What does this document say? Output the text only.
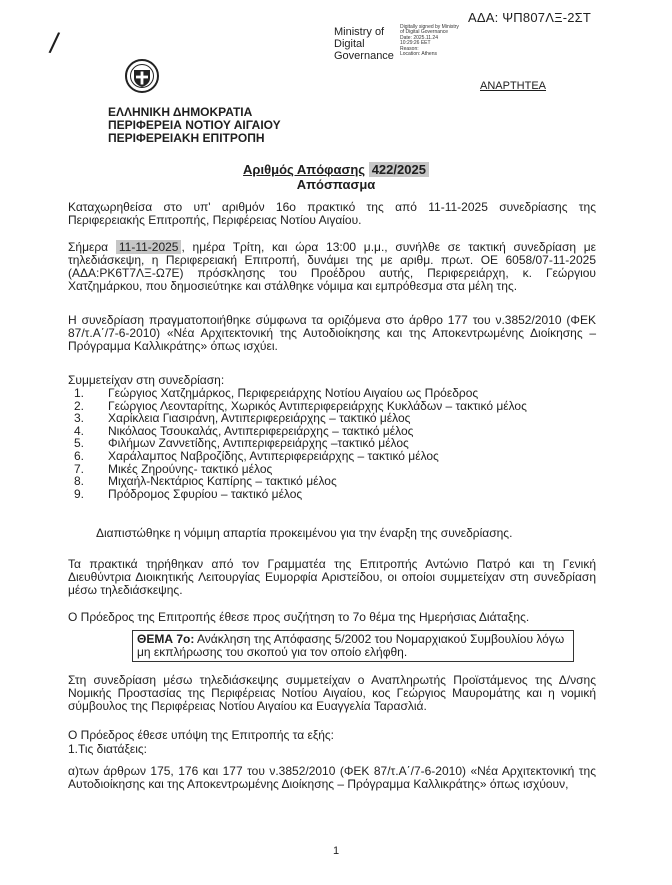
/	Ministry of
Digital
Governance
Digitally signed by Ministry
of Digital Governance
Date: 2025.11.24
10:29:26 EET
Reason:
Location: Athens
ΑΔΑ: ΨΠ807ΛΞ-2ΣΤ
ΑΝΑΡΤΗΤΕΑ
ΕΛΛΗΝΙΚΗ ΔΗΜΟΚΡΑΤΙΑ
ΠΕΡΙΦΕΡΕΙΑ ΝΟΤΙΟΥ ΑΙΓΑΙΟΥ
ΠΕΡΙΦΕΡΕΙΑΚΗ ΕΠΙΤΡΟΠΗ
Αριθμός Απόφασης 422/2025
Απόσπασμα
Καταχωρηθείσα στο υπ' αριθμόν 16ο πρακτικό της από 11-11-2025 συνεδρίασης της Περιφερειακής Επιτροπής, Περιφέρειας Νοτίου Αιγαίου.
Σήμερα 11-11-2025 , ημέρα Τρίτη, και ώρα 13:00 μ.μ., συνήλθε σε τακτική συνεδρίαση με τηλεδιάσκεψη, η Περιφερειακή Επιτροπή, δυνάμει της με αριθμ. πρωτ. ΟΕ 6058/07-11-2025 (ΑΔΑ:ΡΚ6Τ7ΛΞ-Ω7Ε) πρόσκλησης του Προέδρου αυτής, Περιφερειάρχη, κ. Γεώργιου Χατζημάρκου, που δημοσιεύτηκε και στάλθηκε νόμιμα και εμπρόθεσμα στα μέλη της.
Η συνεδρίαση πραγματοποιήθηκε σύμφωνα τα οριζόμενα στο άρθρο 177 του ν.3852/2010 (ΦΕΚ 87/τ.Α΄/7-6-2010) «Νέα Αρχιτεκτονική της Αυτοδιοίκησης και της Αποκεντρωμένης Διοίκησης – Πρόγραμμα Καλλικράτης» όπως ισχύει.
Συμμετείχαν στη συνεδρίαση:
1.	Γεώργιος Χατζημάρκος, Περιφερειάρχης Νοτίου Αιγαίου ως Πρόεδρος
2.	Γεώργιος Λεονταρίτης, Χωρικός Αντιπεριφερειάρχης Κυκλάδων – τακτικό μέλος
3.	Χαρίκλεια Γιασιράνη, Αντιπεριφερειάρχης – τακτικό μέλος
4.	Νικόλαος Τσουκαλάς, Αντιπεριφερειάρχης – τακτικό μέλος
5.	Φιλήμων Ζαννετίδης, Αντιπεριφερειάρχης –τακτικό μέλος
6.	Χαράλαμπος Ναβροζίδης, Αντιπεριφερειάρχης – τακτικό μέλος
7.	Μικές Ζηρούνης- τακτικό μέλος
8.	Μιχαήλ-Νεκτάριος Καπίρης – τακτικό μέλος
9.	Πρόδρομος Σφυρίου – τακτικό μέλος
Διαπιστώθηκε η νόμιμη απαρτία προκειμένου για την έναρξη της συνεδρίασης.
Τα πρακτικά τηρήθηκαν από τον Γραμματέα της Επιτροπής Αντώνιο Πατρό και τη Γενική Διευθύντρια Διοικητικής Λειτουργίας Ευμορφία Αριστείδου, οι οποίοι συμμετείχαν στη συνεδρίαση μέσω τηλεδιάσκεψης.
Ο Πρόεδρος της Επιτροπής έθεσε προς συζήτηση το 7ο θέμα της Ημερήσιας Διάταξης.
ΘΕΜΑ 7ο: Ανάκληση της Απόφασης 5/2002 του Νομαρχιακού Συμβουλίου λόγω μη εκπλήρωσης του σκοπού για τον οποίο ελήφθη.
Στη συνεδρίαση μέσω τηλεδιάσκεψης συμμετείχαν ο Αναπληρωτής Προϊστάμενος της Δ/νσης Νομικής Προστασίας της Περιφέρειας Νοτίου Αιγαίου, κος Γεώργιος Μαυρομάτης και η νομική σύμβουλος της Περιφέρειας Νοτίου Αιγαίου κα Ευαγγελία Ταρασλιά.
Ο Πρόεδρος έθεσε υπόψη της Επιτροπής τα εξής:
1.Τις διατάξεις:
α)των άρθρων 175, 176 και 177 του ν.3852/2010 (ΦΕΚ 87/τ.Α΄/7-6-2010) «Νέα Αρχιτεκτονική της Αυτοδιοίκησης και της Αποκεντρωμένης Διοίκησης – Πρόγραμμα Καλλικράτης» όπως ισχύουν,
1
